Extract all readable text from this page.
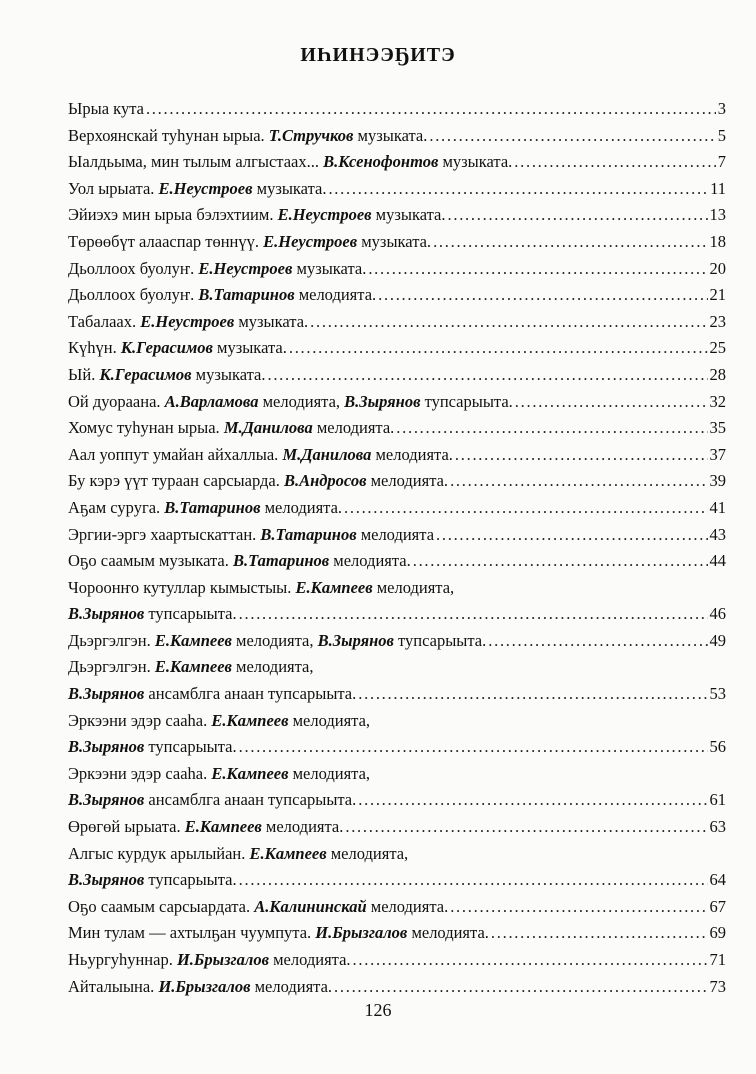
ИҺИНЭЭҔИТЭ
Ырыа кута . . .	3
Верхоянскай туһунан ырыа. Т.Стручков музыката. . . .	5
Ыалдьыма, мин тылым алгыстаах... В.Ксенофонтов музыката. . . .	7
Уол ырыата. Е.Неустроев музыката. . . .	11
Эйиэхэ мин ырыа бэлэхтиим. Е.Неустроев музыката. . . .	13
Төрөөбүт алааспар төннүү. Е.Неустроев музыката. . . .	18
Дьоллоох буолуҥ. Е.Неустроев музыката. . . .	20
Дьоллоох буолуҥ. В.Татаринов мелодията. . . .	21
Табалаах. Е.Неустроев музыката. . . .	23
Күһүн. К.Герасимов музыката. . . .	25
Ый. К.Герасимов музыката. . . .	28
Ой дуораана. А.Варламова мелодията, В.Зырянов тупсарыыта. . . .	32
Хомус туһунан ырыа. М.Данилова мелодията. . . .	35
Аал уоппут умайан айхаллыа. М.Данилова мелодията. . . .	37
Бу кэрэ үүт тураан сарсыарда. В.Андросов мелодията. . . .	39
Аҕам суруга. В.Татаринов мелодията. . . .	41
Эргии-эргэ хаартыскаттан. В.Татаринов мелодията . . .	43
Оҕо саамым музыката. В.Татаринов мелодията. . . .	44
Чороонҥо кутуллар кымыстыы. Е.Кампеев мелодията,
В.Зырянов тупсарыыта. . . .	46
Дьэргэлгэн. Е.Кампеев мелодията, В.Зырянов тупсарыыта. . . .	49
Дьэргэлгэн. Е.Кампеев мелодията,
В.Зырянов ансамблга анаан тупсарыыта. . . .	53
Эркээни эдэр сааһа. Е.Кампеев мелодията,
В.Зырянов тупсарыыта. . . .	56
Эркээни эдэр сааһа. Е.Кампеев мелодията,
В.Зырянов ансамблга анаан тупсарыыта. . . .	61
Өрөгөй ырыата. Е.Кампеев мелодията. . . .	63
Алгыс курдук арылыйан. Е.Кампеев мелодията,
В.Зырянов тупсарыыта. . . .	64
Оҕо саамым сарсыардата. А.Калининскай мелодията. . . .	67
Мин тулам — ахтылҕан чуумпута. И.Брызгалов мелодията. . . .	69
Ньургуһуннар. И.Брызгалов мелодията. . . .	71
Айталыына. И.Брызгалов мелодията. . . .	73
126
